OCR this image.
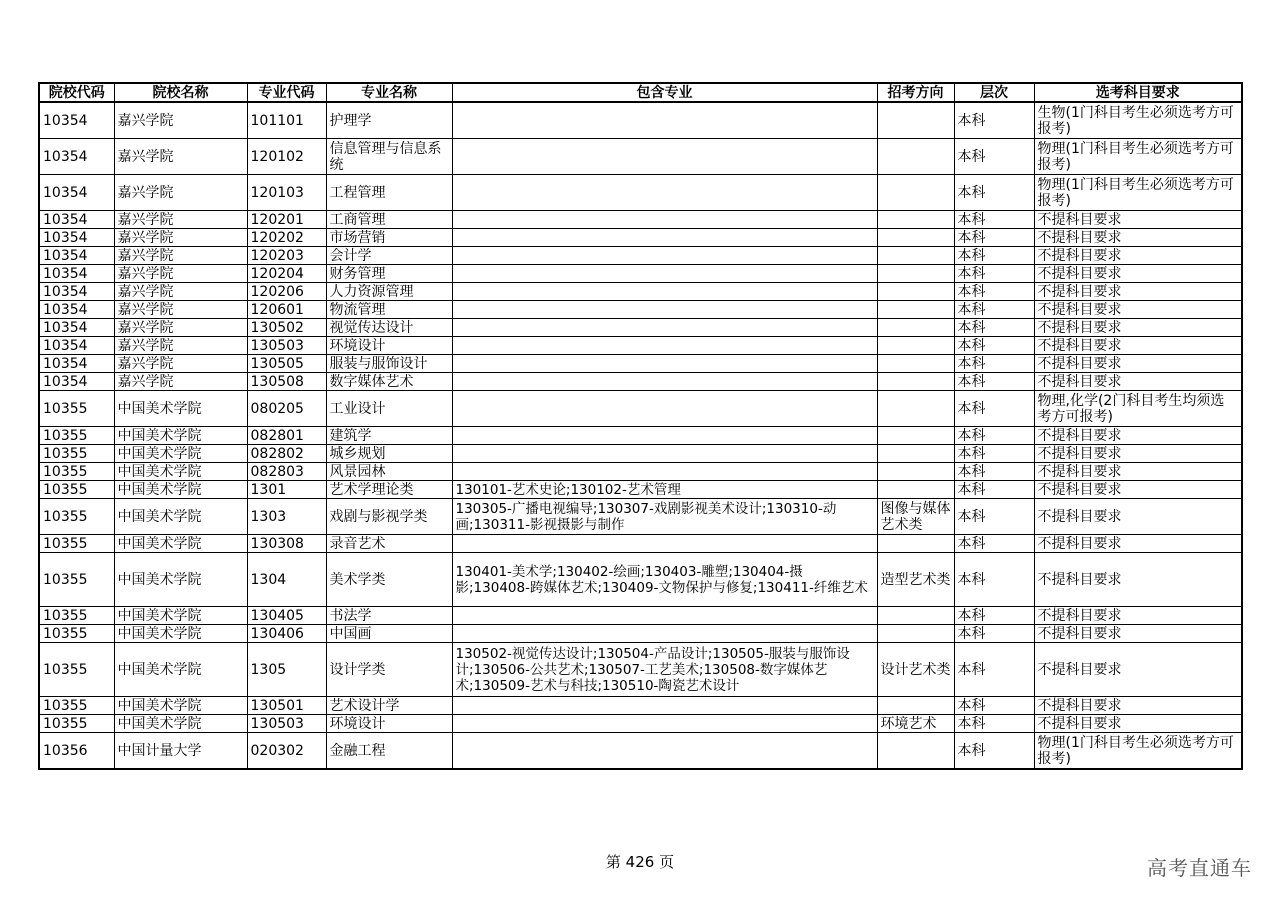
院校代码	院校名称	专业代码	专业名称	包含专业	招考方向	层次	选考科目要求
10354	嘉兴学院	101101	护理学			本科	生物(1门科目考生必须选考方可报考)
10354	嘉兴学院	120102	信息管理与信息系统			本科	物理(1门科目考生必须选考方可报考)
10354	嘉兴学院	120103	工程管理			本科	物理(1门科目考生必须选考方可报考)
10354	嘉兴学院	120201	工商管理			本科	不提科目要求
10354	嘉兴学院	120202	市场营销			本科	不提科目要求
10354	嘉兴学院	120203	会计学			本科	不提科目要求
10354	嘉兴学院	120204	财务管理			本科	不提科目要求
10354	嘉兴学院	120206	人力资源管理			本科	不提科目要求
10354	嘉兴学院	120601	物流管理			本科	不提科目要求
10354	嘉兴学院	130502	视觉传达设计			本科	不提科目要求
10354	嘉兴学院	130503	环境设计			本科	不提科目要求
10354	嘉兴学院	130505	服装与服饰设计			本科	不提科目要求
10354	嘉兴学院	130508	数字媒体艺术			本科	不提科目要求
10355	中国美术学院	080205	工业设计			本科	物理,化学(2门科目考生均须选考方可报考)
10355	中国美术学院	082801	建筑学			本科	不提科目要求
10355	中国美术学院	082802	城乡规划			本科	不提科目要求
10355	中国美术学院	082803	风景园林			本科	不提科目要求
10355	中国美术学院	1301	艺术学理论类	130101-艺术史论;130102-艺术管理		本科	不提科目要求
10355	中国美术学院	1303	戏剧与影视学类	130305-广播电视编导;130307-戏剧影视美术设计;130310-动画;130311-影视摄影与制作	图像与媒体艺术类	本科	不提科目要求
10355	中国美术学院	130308	录音艺术			本科	不提科目要求
10355	中国美术学院	1304	美术学类	130401-美术学;130402-绘画;130403-雕塑;130404-摄影;130408-跨媒体艺术;130409-文物保护与修复;130411-纤维艺术	造型艺术类	本科	不提科目要求
10355	中国美术学院	130405	书法学			本科	不提科目要求
10355	中国美术学院	130406	中国画			本科	不提科目要求
10355	中国美术学院	1305	设计学类	130502-视觉传达设计;130504-产品设计;130505-服装与服饰设计;130506-公共艺术;130507-工艺美术;130508-数字媒体艺术;130509-艺术与科技;130510-陶瓷艺术设计	设计艺术类	本科	不提科目要求
10355	中国美术学院	130501	艺术设计学			本科	不提科目要求
10355	中国美术学院	130503	环境设计		环境艺术	本科	不提科目要求
10356	中国计量大学	020302	金融工程			本科	物理(1门科目考生必须选考方可报考)
第 426 页	高考直通车
